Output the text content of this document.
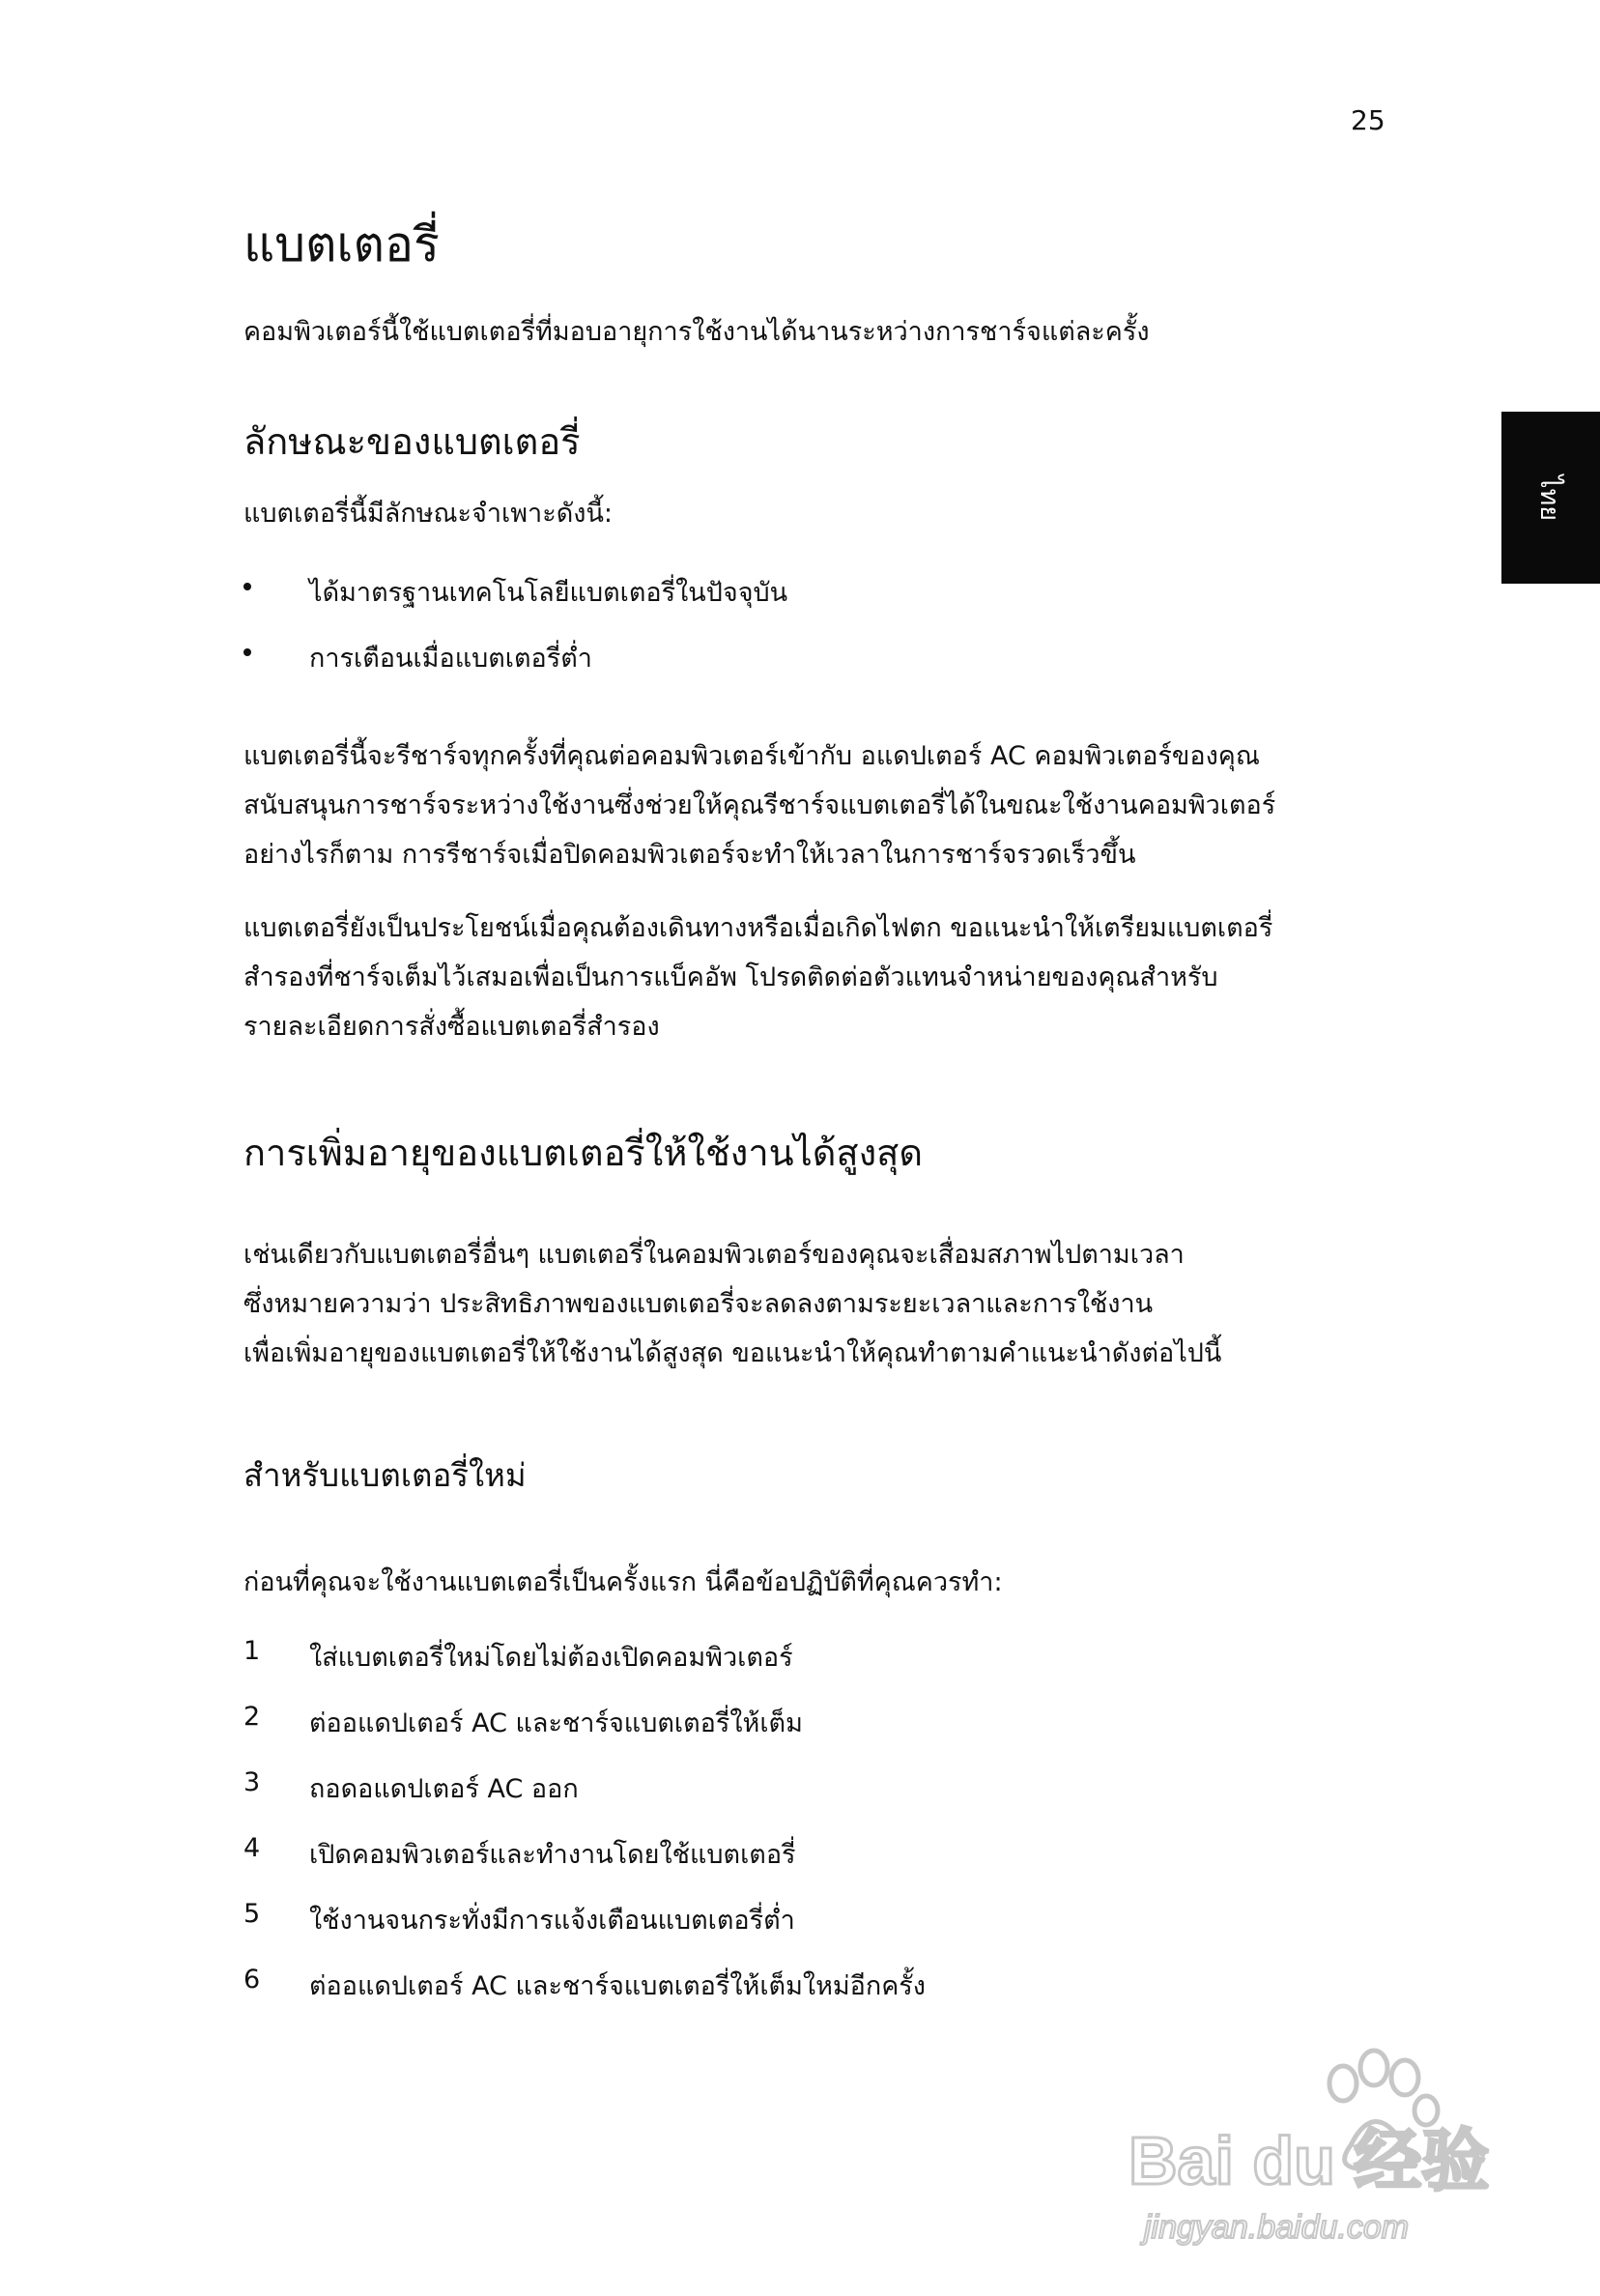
25
ไทย
แบตเตอรี่
คอมพิวเตอร์นี้ใช้แบตเตอรี่ที่มอบอายุการใช้งานได้นานระหว่างการชาร์จแต่ละครั้ง
ลักษณะของแบตเตอรี่
แบตเตอรี่นี้มีลักษณะจำเพาะดังนี้:
ได้มาตรฐานเทคโนโลยีแบตเตอรี่ในปัจจุบัน
การเตือนเมื่อแบตเตอรี่ต่ำ
แบตเตอรี่นี้จะรีชาร์จทุกครั้งที่คุณต่อคอมพิวเตอร์เข้ากับ อแดปเตอร์ AC คอมพิวเตอร์ของคุณ
สนับสนุนการชาร์จระหว่างใช้งานซึ่งช่วยให้คุณรีชาร์จแบตเตอรี่ได้ในขณะใช้งานคอมพิวเตอร์
อย่างไรก็ตาม การรีชาร์จเมื่อปิดคอมพิวเตอร์จะทำให้เวลาในการชาร์จรวดเร็วขึ้น
แบตเตอรี่ยังเป็นประโยชน์เมื่อคุณต้องเดินทางหรือเมื่อเกิดไฟตก ขอแนะนำให้เตรียมแบตเตอรี่
สำรองที่ชาร์จเต็มไว้เสมอเพื่อเป็นการแบ็คอัพ โปรดติดต่อตัวแทนจำหน่ายของคุณสำหรับ
รายละเอียดการสั่งซื้อแบตเตอรี่สำรอง
การเพิ่มอายุของแบตเตอรี่ให้ใช้งานได้สูงสุด
เช่นเดียวกับแบตเตอรี่อื่นๆ แบตเตอรี่ในคอมพิวเตอร์ของคุณจะเสื่อมสภาพไปตามเวลา
ซึ่งหมายความว่า ประสิทธิภาพของแบตเตอรี่จะลดลงตามระยะเวลาและการใช้งาน
เพื่อเพิ่มอายุของแบตเตอรี่ให้ใช้งานได้สูงสุด ขอแนะนำให้คุณทำตามคำแนะนำดังต่อไปนี้
สำหรับแบตเตอรี่ใหม่
ก่อนที่คุณจะใช้งานแบตเตอรี่เป็นครั้งแรก นี่คือข้อปฏิบัติที่คุณควรทำ:
1 ใส่แบตเตอรี่ใหม่โดยไม่ต้องเปิดคอมพิวเตอร์
2 ต่ออแดปเตอร์ AC และชาร์จแบตเตอรี่ให้เต็ม
3 ถอดอแดปเตอร์ AC ออก
4 เปิดคอมพิวเตอร์และทำงานโดยใช้แบตเตอรี่
5 ใช้งานจนกระทั่งมีการแจ้งเตือนแบตเตอรี่ต่ำ
6 ต่ออแดปเตอร์ AC และชาร์จแบตเตอรี่ให้เต็มใหม่อีกครั้ง
Bai du 经验
jingyan.baidu.com
